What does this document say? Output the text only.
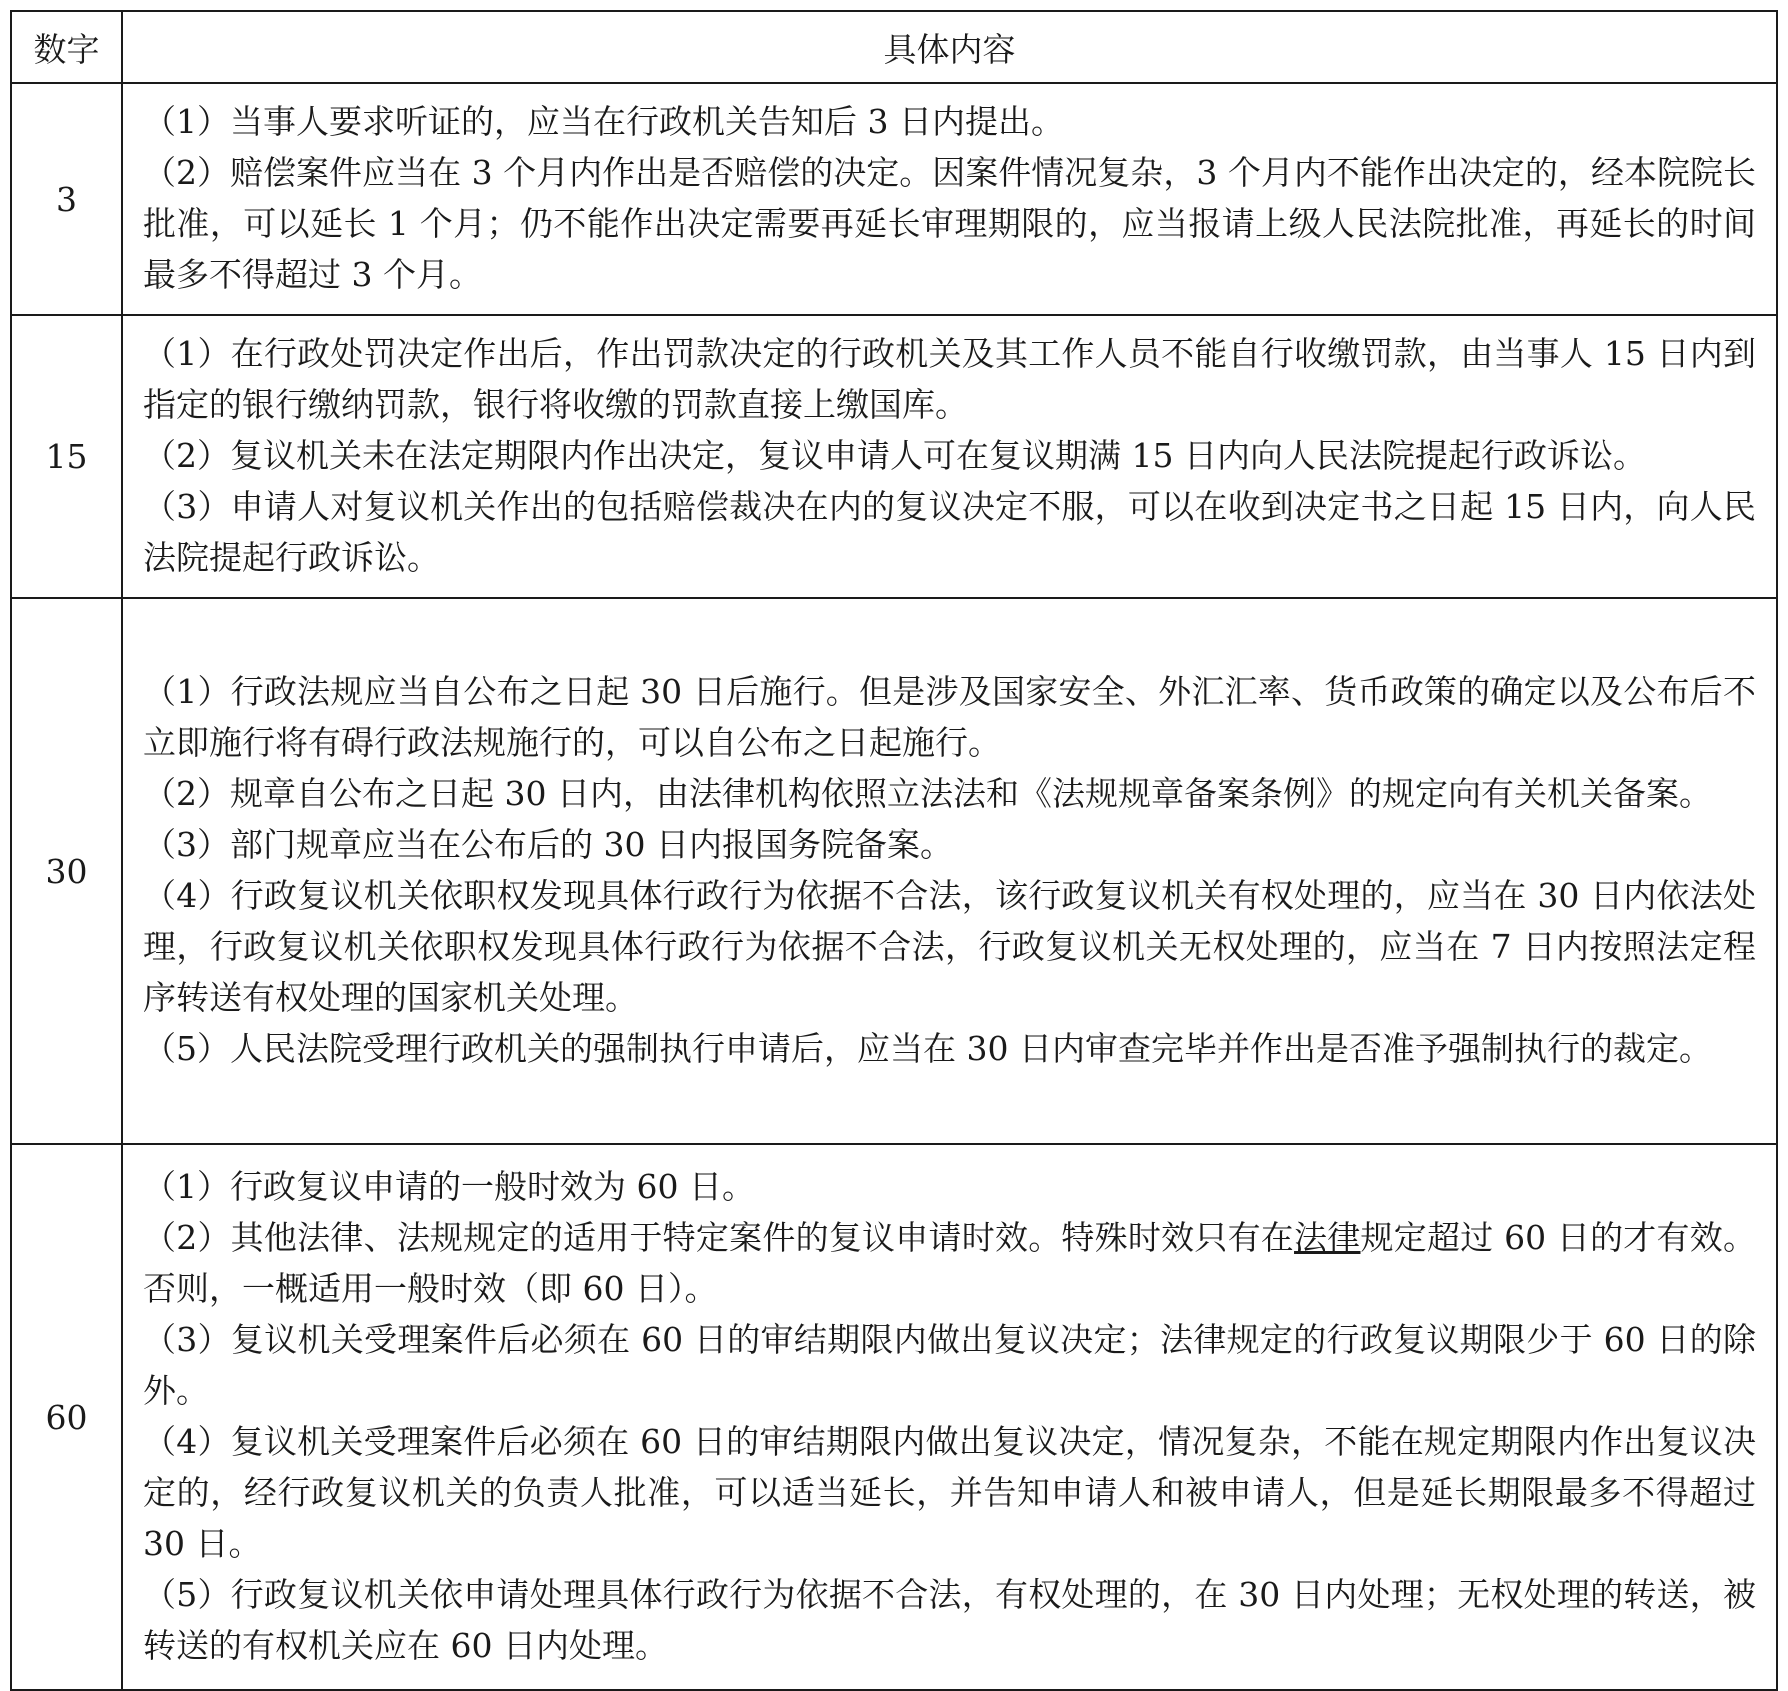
数字	具体内容
3	（1）当事人要求听证的，应当在行政机关告知后 3 日内提出。
（2）赔偿案件应当在 3 个月内作出是否赔偿的决定。因案件情况复杂，3 个月内不能作出决定的，经本院院长批准，可以延长 1 个月；仍不能作出决定需要再延长审理期限的，应当报请上级人民法院批准，再延长的时间最多不得超过 3 个月。

15	（1）在行政处罚决定作出后，作出罚款决定的行政机关及其工作人员不能自行收缴罚款，由当事人 15 日内到指定的银行缴纳罚款，银行将收缴的罚款直接上缴国库。
（2）复议机关未在法定期限内作出决定，复议申请人可在复议期满 15 日内向人民法院提起行政诉讼。
（3）申请人对复议机关作出的包括赔偿裁决在内的复议决定不服，可以在收到决定书之日起 15 日内，向人民法院提起行政诉讼。

30	（1）行政法规应当自公布之日起 30 日后施行。但是涉及国家安全、外汇汇率、货币政策的确定以及公布后不立即施行将有碍行政法规施行的，可以自公布之日起施行。
（2）规章自公布之日起 30 日内，由法律机构依照立法法和《法规规章备案条例》的规定向有关机关备案。
（3）部门规章应当在公布后的 30 日内报国务院备案。
（4）行政复议机关依职权发现具体行政行为依据不合法，该行政复议机关有权处理的，应当在 30 日内依法处理，行政复议机关依职权发现具体行政行为依据不合法，行政复议机关无权处理的，应当在 7 日内按照法定程序转送有权处理的国家机关处理。
（5）人民法院受理行政机关的强制执行申请后，应当在 30 日内审查完毕并作出是否准予强制执行的裁定。

60	（1）行政复议申请的一般时效为 60 日。
（2）其他法律、法规规定的适用于特定案件的复议申请时效。特殊时效只有在法律规定超过 60 日的才有效。否则，一概适用一般时效（即 60 日）。
（3）复议机关受理案件后必须在 60 日的审结期限内做出复议决定；法律规定的行政复议期限少于 60 日的除外。
（4）复议机关受理案件后必须在 60 日的审结期限内做出复议决定，情况复杂，不能在规定期限内作出复议决定的，经行政复议机关的负责人批准，可以适当延长，并告知申请人和被申请人，但是延长期限最多不得超过 30 日。
（5）行政复议机关依申请处理具体行政行为依据不合法，有权处理的，在 30 日内处理；无权处理的转送，被转送的有权机关应在 60 日内处理。
